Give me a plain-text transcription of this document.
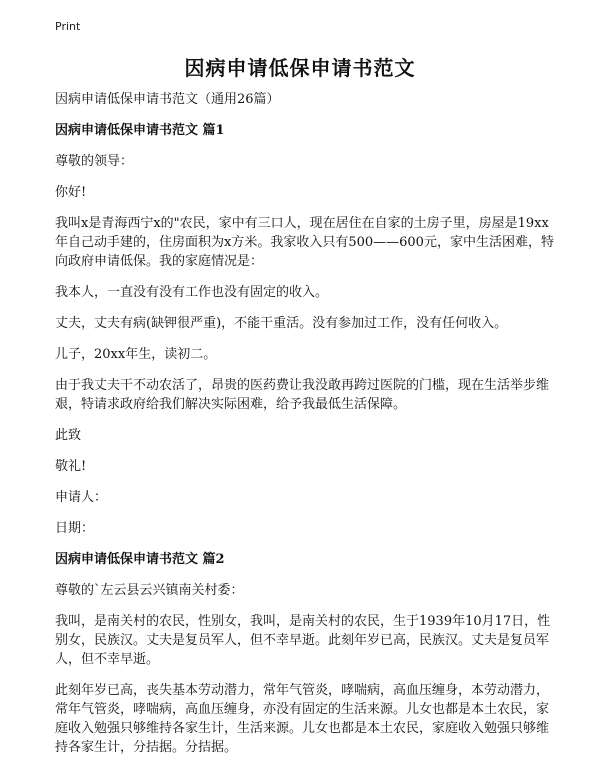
Print
因病申请低保申请书范文

因病申请低保申请书范文（通用26篇）

因病申请低保申请书范文 篇1

尊敬的领导：

你好!

我叫x是青海西宁x的"农民，家中有三口人，现在居住在自家的土房子里，房屋是19xx年自己动手建的，住房面积为x方米。我家收入只有500——600元，家中生活困难，特向政府申请低保。我的家庭情况是：

我本人，一直没有没有工作也没有固定的收入。

丈夫，丈夫有病(缺钾很严重)，不能干重活。没有参加过工作，没有任何收入。

儿子，20xx年生，读初二。

由于我丈夫干不动农活了，昂贵的医药费让我没敢再跨过医院的门槛，现在生活举步维艰，特请求政府给我们解决实际困难，给予我最低生活保障。

此致

敬礼!

申请人：

日期：

因病申请低保申请书范文 篇2

尊敬的`左云县云兴镇南关村委：

我叫，是南关村的农民，性别女，我叫，是南关村的农民，生于1939年10月17日，性别女，民族汉。丈夫是复员军人，但不幸早逝。此刻年岁已高，民族汉。丈夫是复员军人，但不幸早逝。

此刻年岁已高，丧失基本劳动潜力，常年气管炎，哮喘病，高血压缠身，本劳动潜力，常年气管炎，哮喘病，高血压缠身，亦没有固定的生活来源。儿女也都是本土农民，家庭收入勉强只够维持各家生计，生活来源。儿女也都是本土农民，家庭收入勉强只够维持各家生计，分拮据。分拮据。
